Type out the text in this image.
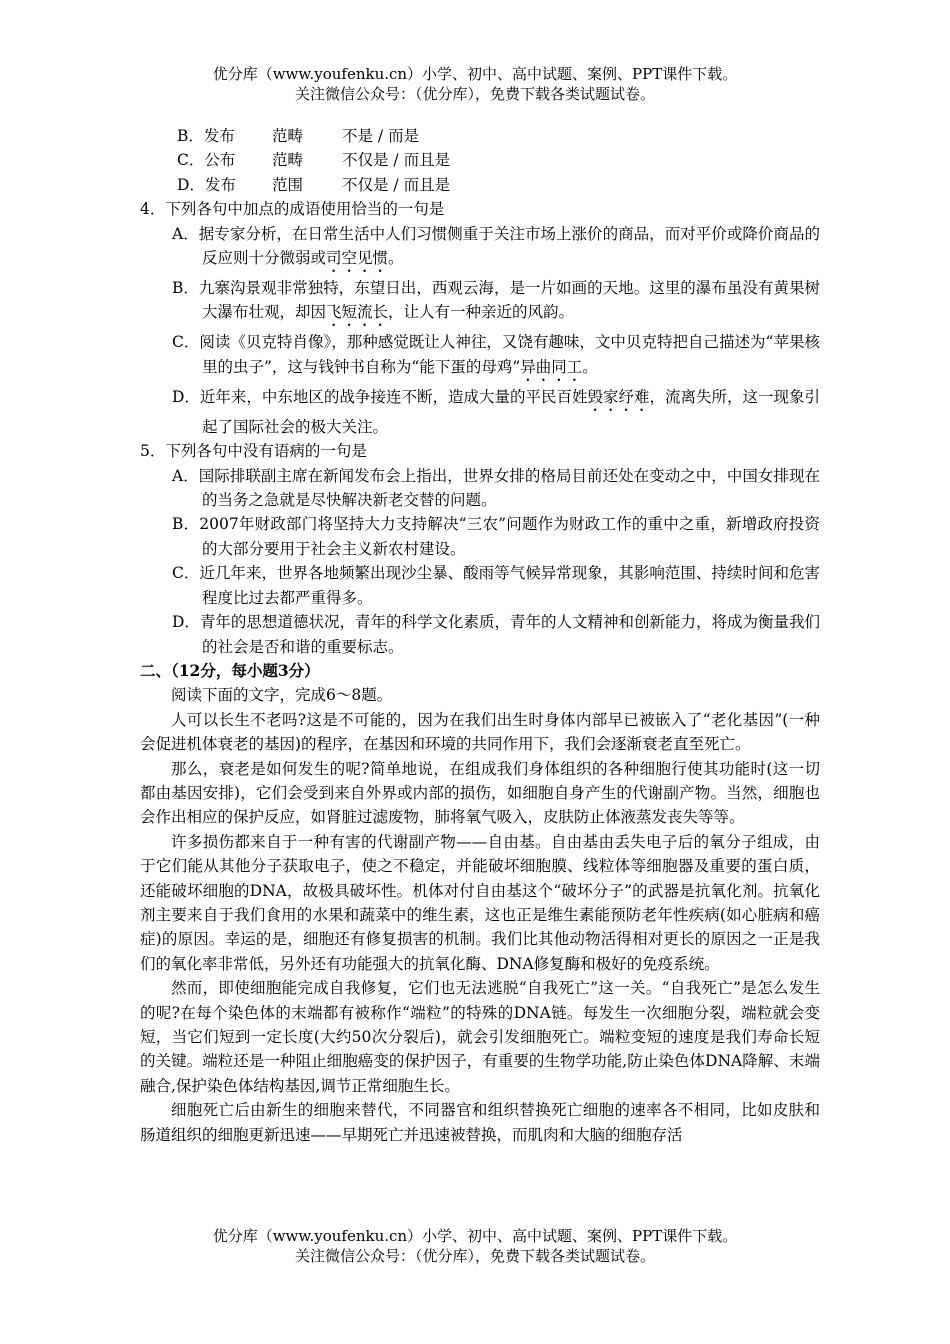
优分库（www.youfenku.cn）小学、初中、高中试题、案例、PPT课件下载。
关注微信公众号：（优分库），免费下载各类试题试卷。
B．发布 范畴	不是 / 而是
C．公布 范畴	不仅是 / 而且是
D．发布 范围	不仅是 / 而且是
4．下列各句中加点的成语使用恰当的一句是
A．据专家分析，在日常生活中人们习惯侧重于关注市场上涨价的商品，而对平价或降价商品的反应则十分微弱或司空见惯。
B．九寨沟景观非常独特，东望日出，西观云海，是一片如画的天地。这里的瀑布虽没有黄果树大瀑布壮观，却因飞短流长，让人有一种亲近的风韵。
C．阅读《贝克特肖像》，那种感觉既让人神往，又饶有趣味，文中贝克特把自己描述为“苹果核里的虫子”，这与钱钟书自称为“能下蛋的母鸡”异曲同工。
D．近年来，中东地区的战争接连不断，造成大量的平民百姓毁家纾难，流离失所，这一现象引起了国际社会的极大关注。
5．下列各句中没有语病的一句是
A．国际排联副主席在新闻发布会上指出，世界女排的格局目前还处在变动之中，中国女排现在的当务之急就是尽快解决新老交替的问题。
B．2007年财政部门将坚持大力支持解决“三农”问题作为财政工作的重中之重，新增政府投资的大部分要用于社会主义新农村建设。
C．近几年来，世界各地频繁出现沙尘暴、酸雨等气候异常现象，其影响范围、持续时间和危害程度比过去都严重得多。
D．青年的思想道德状况，青年的科学文化素质，青年的人文精神和创新能力，将成为衡量我们的社会是否和谐的重要标志。
二、（12分，每小题3分）
阅读下面的文字，完成6～8题。

人可以长生不老吗?这是不可能的，因为在我们出生时身体内部早已被嵌入了“老化基因”(一种会促进机体衰老的基因)的程序，在基因和环境的共同作用下，我们会逐渐衰老直至死亡。

那么，衰老是如何发生的呢?简单地说，在组成我们身体组织的各种细胞行使其功能时(这一切都由基因安排)，它们会受到来自外界或内部的损伤，如细胞自身产生的代谢副产物。当然，细胞也会作出相应的保护反应，如肾脏过滤废物，肺将氧气吸入，皮肤防止体液蒸发丧失等等。

许多损伤都来自于一种有害的代谢副产物——自由基。自由基由丢失电子后的氧分子组成，由于它们能从其他分子获取电子，使之不稳定，并能破坏细胞膜、线粒体等细胞器及重要的蛋白质，还能破坏细胞的DNA，故极具破坏性。机体对付自由基这个“破坏分子”的武器是抗氧化剂。抗氧化剂主要来自于我们食用的水果和蔬菜中的维生素，这也正是维生素能预防老年性疾病(如心脏病和癌症)的原因。幸运的是，细胞还有修复损害的机制。我们比其他动物活得相对更长的原因之一正是我们的氧化率非常低，另外还有功能强大的抗氧化酶、DNA修复酶和极好的免疫系统。

然而，即使细胞能完成自我修复，它们也无法逃脱“自我死亡”这一关。“自我死亡”是怎么发生的呢?在每个染色体的末端都有被称作“端粒”的特殊的DNA链。每发生一次细胞分裂，端粒就会变短，当它们短到一定长度(大约50次分裂后)，就会引发细胞死亡。端粒变短的速度是我们寿命长短的关键。端粒还是一种阻止细胞癌变的保护因子，有重要的生物学功能,防止染色体DNA降解、末端融合,保护染色体结构基因,调节正常细胞生长。

细胞死亡后由新生的细胞来替代，不同器官和组织替换死亡细胞的速率各不相同，比如皮肤和肠道组织的细胞更新迅速——早期死亡并迅速被替换，而肌肉和大脑的细胞存活

优分库（www.youfenku.cn）小学、初中、高中试题、案例、PPT课件下载。
关注微信公众号：（优分库），免费下载各类试题试卷。
